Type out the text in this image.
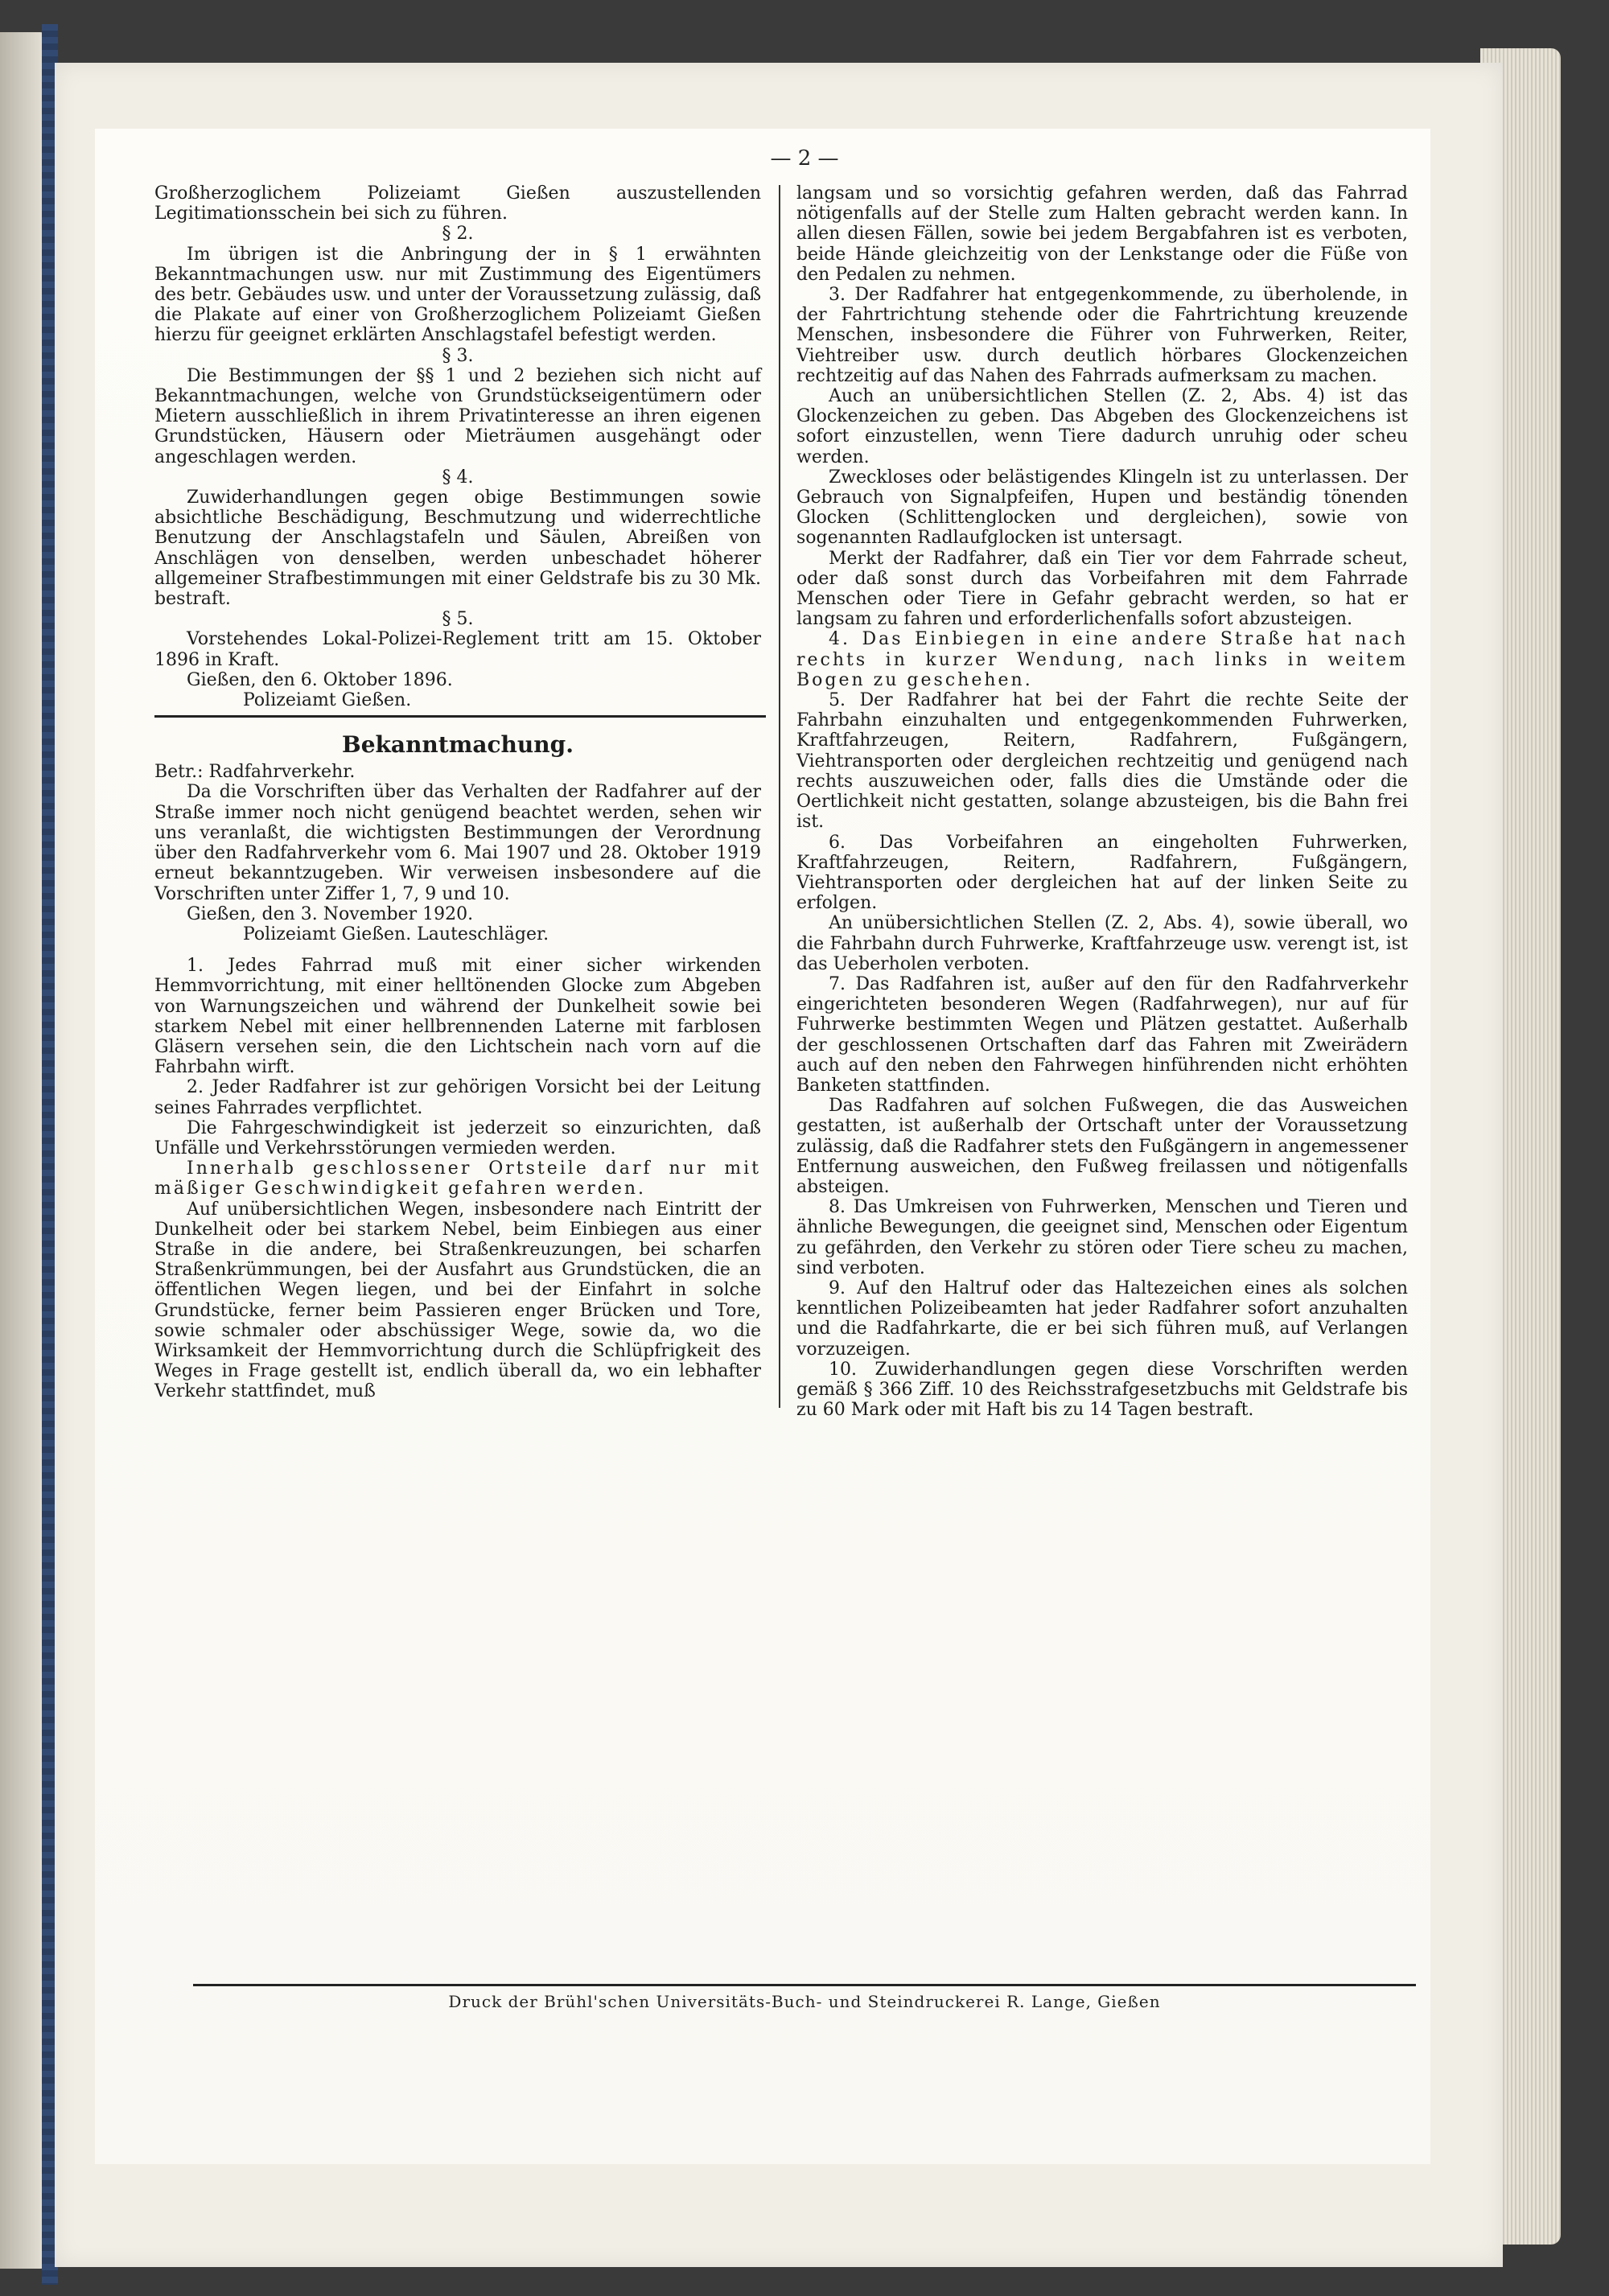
— 2 —

Großherzoglichem Polizeiamt Gießen auszustellenden Legitimationsschein bei sich zu führen.

§ 2.

Im übrigen ist die Anbringung der in § 1 erwähnten Bekanntmachungen usw. nur mit Zustimmung des Eigentümers des betr. Gebäudes usw. und unter der Voraussetzung zulässig, daß die Plakate auf einer von Großherzoglichem Polizeiamt Gießen hierzu für geeignet erklärten Anschlagstafel befestigt werden.

§ 3.

Die Bestimmungen der §§ 1 und 2 beziehen sich nicht auf Bekanntmachungen, welche von Grundstückseigentümern oder Mietern ausschließlich in ihrem Privatinteresse an ihren eigenen Grundstücken, Häusern oder Mieträumen ausgehängt oder angeschlagen werden.

§ 4.

Zuwiderhandlungen gegen obige Bestimmungen sowie absichtliche Beschädigung, Beschmutzung und widerrechtliche Benutzung der Anschlagstafeln und Säulen, Abreißen von Anschlägen von denselben, werden unbeschadet höherer allgemeiner Strafbestimmungen mit einer Geldstrafe bis zu 30 Mk. bestraft.

§ 5.

Vorstehendes Lokal-Polizei-Reglement tritt am 15. Oktober 1896 in Kraft.

Gießen, den 6. Oktober 1896.

Polizeiamt Gießen.

Bekanntmachung.

Betr.: Radfahrverkehr.

Da die Vorschriften über das Verhalten der Radfahrer auf der Straße immer noch nicht genügend beachtet werden, sehen wir uns veranlaßt, die wichtigsten Bestimmungen der Verordnung über den Radfahrverkehr vom 6. Mai 1907 und 28. Oktober 1919 erneut bekanntzugeben. Wir verweisen insbesondere auf die Vorschriften unter Ziffer 1, 7, 9 und 10.

Gießen, den 3. November 1920.

Polizeiamt Gießen. Lauteschläger.

1. Jedes Fahrrad muß mit einer sicher wirkenden Hemmvorrichtung, mit einer helltönenden Glocke zum Abgeben von Warnungszeichen und während der Dunkelheit sowie bei starkem Nebel mit einer hellbrennenden Laterne mit farblosen Gläsern versehen sein, die den Lichtschein nach vorn auf die Fahrbahn wirft.

2. Jeder Radfahrer ist zur gehörigen Vorsicht bei der Leitung seines Fahrrades verpflichtet.

Die Fahrgeschwindigkeit ist jederzeit so einzurichten, daß Unfälle und Verkehrsstörungen vermieden werden.

Innerhalb geschlossener Ortsteile darf nur mit mäßiger Geschwindigkeit gefahren werden.

Auf unübersichtlichen Wegen, insbesondere nach Eintritt der Dunkelheit oder bei starkem Nebel, beim Einbiegen aus einer Straße in die andere, bei Straßenkreuzungen, bei scharfen Straßenkrümmungen, bei der Ausfahrt aus Grundstücken, die an öffentlichen Wegen liegen, und bei der Einfahrt in solche Grundstücke, ferner beim Passieren enger Brücken und Tore, sowie schmaler oder abschüssiger Wege, sowie da, wo die Wirksamkeit der Hemmvorrichtung durch die Schlüpfrigkeit des Weges in Frage gestellt ist, endlich überall da, wo ein lebhafter Verkehr stattfindet, muß

langsam und so vorsichtig gefahren werden, daß das Fahrrad nötigenfalls auf der Stelle zum Halten gebracht werden kann. In allen diesen Fällen, sowie bei jedem Bergabfahren ist es verboten, beide Hände gleichzeitig von der Lenkstange oder die Füße von den Pedalen zu nehmen.

3. Der Radfahrer hat entgegenkommende, zu überholende, in der Fahrtrichtung stehende oder die Fahrtrichtung kreuzende Menschen, insbesondere die Führer von Fuhrwerken, Reiter, Viehtreiber usw. durch deutlich hörbares Glockenzeichen rechtzeitig auf das Nahen des Fahrrads aufmerksam zu machen.

Auch an unübersichtlichen Stellen (Z. 2, Abs. 4) ist das Glockenzeichen zu geben. Das Abgeben des Glockenzeichens ist sofort einzustellen, wenn Tiere dadurch unruhig oder scheu werden.

Zweckloses oder belästigendes Klingeln ist zu unterlassen. Der Gebrauch von Signalpfeifen, Hupen und beständig tönenden Glocken (Schlittenglocken und dergleichen), sowie von sogenannten Radlaufglocken ist untersagt.

Merkt der Radfahrer, daß ein Tier vor dem Fahrrade scheut, oder daß sonst durch das Vorbeifahren mit dem Fahrrade Menschen oder Tiere in Gefahr gebracht werden, so hat er langsam zu fahren und erforderlichenfalls sofort abzusteigen.

4. Das Einbiegen in eine andere Straße hat nach rechts in kurzer Wendung, nach links in weitem Bogen zu geschehen.

5. Der Radfahrer hat bei der Fahrt die rechte Seite der Fahrbahn einzuhalten und entgegenkommenden Fuhrwerken, Kraftfahrzeugen, Reitern, Radfahrern, Fußgängern, Viehtransporten oder dergleichen rechtzeitig und genügend nach rechts auszuweichen oder, falls dies die Umstände oder die Oertlichkeit nicht gestatten, solange abzusteigen, bis die Bahn frei ist.

6. Das Vorbeifahren an eingeholten Fuhrwerken, Kraftfahrzeugen, Reitern, Radfahrern, Fußgängern, Viehtransporten oder dergleichen hat auf der linken Seite zu erfolgen.

An unübersichtlichen Stellen (Z. 2, Abs. 4), sowie überall, wo die Fahrbahn durch Fuhrwerke, Kraftfahrzeuge usw. verengt ist, ist das Ueberholen verboten.

7. Das Radfahren ist, außer auf den für den Radfahrverkehr eingerichteten besonderen Wegen (Radfahrwegen), nur auf für Fuhrwerke bestimmten Wegen und Plätzen gestattet. Außerhalb der geschlossenen Ortschaften darf das Fahren mit Zweirädern auch auf den neben den Fahrwegen hinführenden nicht erhöhten Banketen stattfinden.

Das Radfahren auf solchen Fußwegen, die das Ausweichen gestatten, ist außerhalb der Ortschaft unter der Voraussetzung zulässig, daß die Radfahrer stets den Fußgängern in angemessener Entfernung ausweichen, den Fußweg freilassen und nötigenfalls absteigen.

8. Das Umkreisen von Fuhrwerken, Menschen und Tieren und ähnliche Bewegungen, die geeignet sind, Menschen oder Eigentum zu gefährden, den Verkehr zu stören oder Tiere scheu zu machen, sind verboten.

9. Auf den Haltruf oder das Haltezeichen eines als solchen kenntlichen Polizeibeamten hat jeder Radfahrer sofort anzuhalten und die Radfahrkarte, die er bei sich führen muß, auf Verlangen vorzuzeigen.

10. Zuwiderhandlungen gegen diese Vorschriften werden gemäß § 366 Ziff. 10 des Reichsstrafgesetzbuchs mit Geldstrafe bis zu 60 Mark oder mit Haft bis zu 14 Tagen bestraft.

Druck der Brühl'schen Universitäts-Buch- und Steindruckerei R. Lange, Gießen
